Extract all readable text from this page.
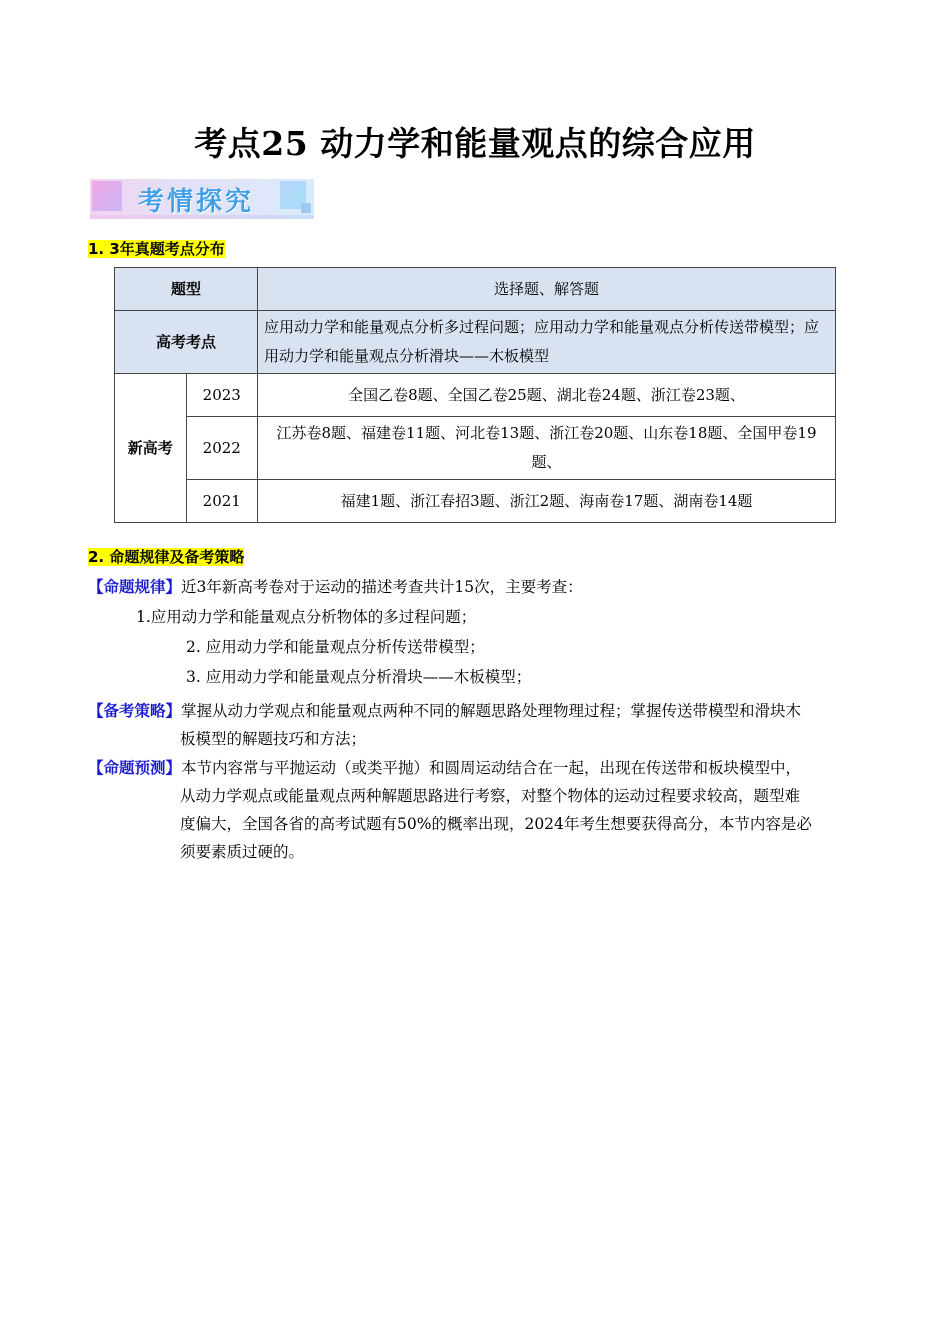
考点25 动力学和能量观点的综合应用
考情探究
1. 3年真题考点分布
题型		选择题、解答题
高考考点		应用动力学和能量观点分析多过程问题；应用动力学和能量观点分析传送带模型；应用动力学和能量观点分析滑块——木板模型
新高考	2023	全国乙卷8题、全国乙卷25题、湖北卷24题、浙江卷23题、
	2022	江苏卷8题、福建卷11题、河北卷13题、浙江卷20题、山东卷18题、全国甲卷19题、
	2021	福建1题、浙江春招3题、浙江2题、海南卷17题、湖南卷14题
2. 命题规律及备考策略
【命题规律】近3年新高考卷对于运动的描述考查共计15次，主要考查：
1.应用动力学和能量观点分析物体的多过程问题；
2. 应用动力学和能量观点分析传送带模型；
3. 应用动力学和能量观点分析滑块——木板模型；
【备考策略】掌握从动力学观点和能量观点两种不同的解题思路处理物理过程；掌握传送带模型和滑块木
板模型的解题技巧和方法；
【命题预测】本节内容常与平抛运动（或类平抛）和圆周运动结合在一起，出现在传送带和板块模型中，
从动力学观点或能量观点两种解题思路进行考察，对整个物体的运动过程要求较高，题型难
度偏大，全国各省的高考试题有50%的概率出现，2024年考生想要获得高分，本节内容是必
须要素质过硬的。
